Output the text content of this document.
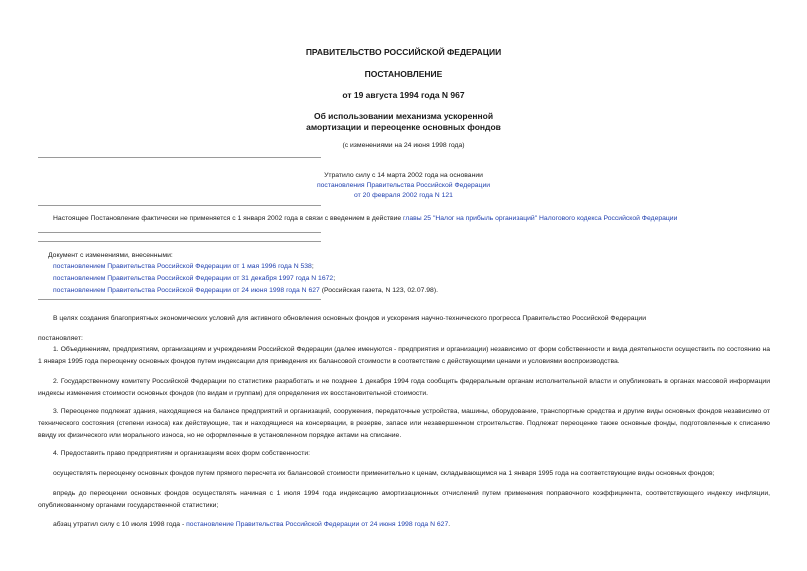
ПРАВИТЕЛЬСТВО РОССИЙСКОЙ ФЕДЕРАЦИИ
ПОСТАНОВЛЕНИЕ
от 19 августа 1994 года N 967
Об использовании механизма ускоренной
амортизации и переоценке основных фондов
(с изменениями на 24 июня 1998 года)
Утратило силу с 14 марта 2002 года на основании
постановления Правительства Российской Федерации
от 20 февраля 2002 года N 121
Настоящее Постановление фактически не применяется с 1 января 2002 года в связи с введением в действие главы 25 "Налог на прибыль организаций" Налогового кодекса Российской Федерации
Документ с изменениями, внесенными:
постановлением Правительства Российской Федерации от 1 мая 1996 года N 538;
постановлением Правительства Российской Федерации от 31 декабря 1997 года N 1672;
постановлением Правительства Российской Федерации от 24 июня 1998 года N 627 (Российская газета, N 123, 02.07.98).
В целях создания благоприятных экономических условий для активного обновления основных фондов и ускорения научно-технического прогресса Правительство Российской Федерации
постановляет:
1. Объединениям, предприятиям, организациям и учреждениям Российской Федерации (далее именуются - предприятия и организации) независимо от форм собственности и вида деятельности осуществить по состоянию на 1 января 1995 года переоценку основных фондов путем индексации для приведения их балансовой стоимости в соответствие с действующими ценами и условиями воспроизводства.
2. Государственному комитету Российской Федерации по статистике разработать и не позднее 1 декабря 1994 года сообщить федеральным органам исполнительной власти и опубликовать в органах массовой информации индексы изменения стоимости основных фондов (по видам и группам) для определения их восстановительной стоимости.
3. Переоценке подлежат здания, находящиеся на балансе предприятий и организаций, сооружения, передаточные устройства, машины, оборудование, транспортные средства и другие виды основных фондов независимо от технического состояния (степени износа) как действующие, так и находящиеся на консервации, в резерве, запасе или незавершенном строительстве. Подлежат переоценке также основные фонды, подготовленные к списанию ввиду их физического или морального износа, но не оформленные в установленном порядке актами на списание.
4. Предоставить право предприятиям и организациям всех форм собственности:
осуществлять переоценку основных фондов путем прямого пересчета их балансовой стоимости применительно к ценам, складывающимся на 1 января 1995 года на соответствующие виды основных фондов;
впредь до переоценки основных фондов осуществлять начиная с 1 июля 1994 года индексацию амортизационных отчислений путем применения поправочного коэффициента, соответствующего индексу инфляции, опубликованному органами государственной статистики;
абзац утратил силу с 10 июля 1998 года - постановление Правительства Российской Федерации от 24 июня 1998 года N 627.
